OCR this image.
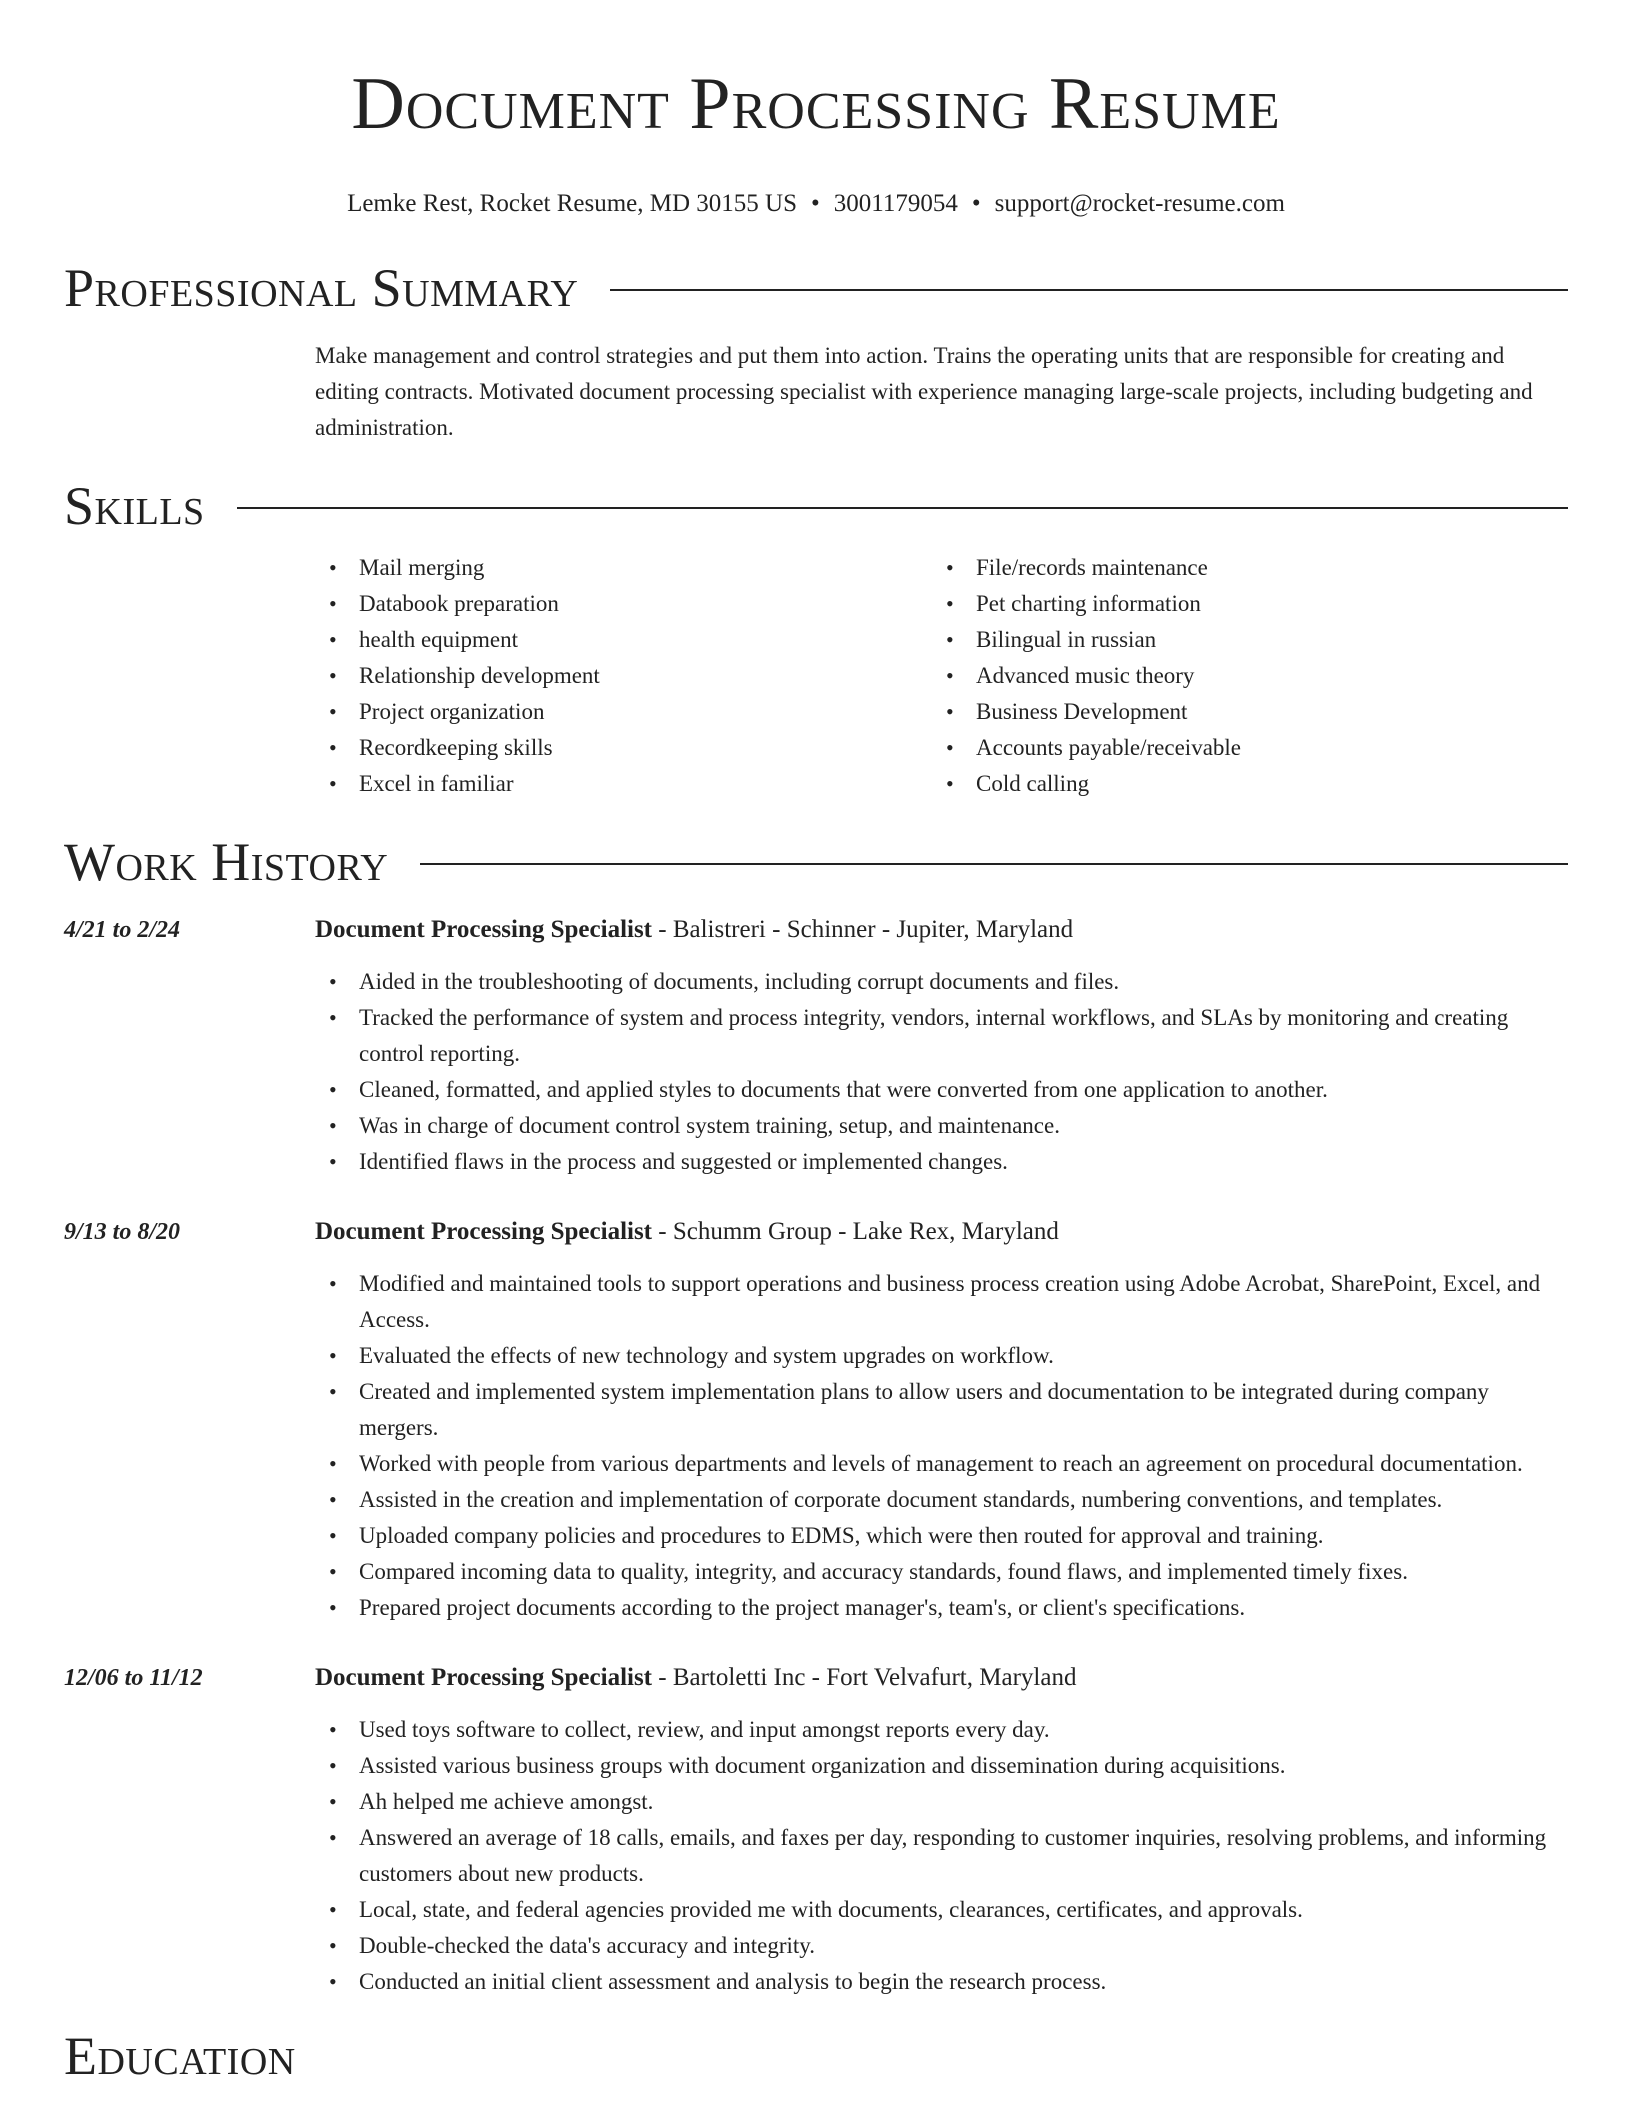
Document Processing Resume
Lemke Rest, Rocket Resume, MD 30155 US • 3001179054 • support@rocket-resume.com
Professional Summary
Make management and control strategies and put them into action. Trains the operating units that are responsible for creating and editing contracts. Motivated document processing specialist with experience managing large-scale projects, including budgeting and administration.
Skills
• Mail merging
• Databook preparation
• health equipment
• Relationship development
• Project organization
• Recordkeeping skills
• Excel in familiar
• File/records maintenance
• Pet charting information
• Bilingual in russian
• Advanced music theory
• Business Development
• Accounts payable/receivable
• Cold calling
Work History
4/21 to 2/24	Document Processing Specialist - Balistreri - Schinner - Jupiter, Maryland
• Aided in the troubleshooting of documents, including corrupt documents and files.
• Tracked the performance of system and process integrity, vendors, internal workflows, and SLAs by monitoring and creating control reporting.
• Cleaned, formatted, and applied styles to documents that were converted from one application to another.
• Was in charge of document control system training, setup, and maintenance.
• Identified flaws in the process and suggested or implemented changes.
9/13 to 8/20	Document Processing Specialist - Schumm Group - Lake Rex, Maryland
• Modified and maintained tools to support operations and business process creation using Adobe Acrobat, SharePoint, Excel, and Access.
• Evaluated the effects of new technology and system upgrades on workflow.
• Created and implemented system implementation plans to allow users and documentation to be integrated during company mergers.
• Worked with people from various departments and levels of management to reach an agreement on procedural documentation.
• Assisted in the creation and implementation of corporate document standards, numbering conventions, and templates.
• Uploaded company policies and procedures to EDMS, which were then routed for approval and training.
• Compared incoming data to quality, integrity, and accuracy standards, found flaws, and implemented timely fixes.
• Prepared project documents according to the project manager's, team's, or client's specifications.
12/06 to 11/12	Document Processing Specialist - Bartoletti Inc - Fort Velvafurt, Maryland
• Used toys software to collect, review, and input amongst reports every day.
• Assisted various business groups with document organization and dissemination during acquisitions.
• Ah helped me achieve amongst.
• Answered an average of 18 calls, emails, and faxes per day, responding to customer inquiries, resolving problems, and informing customers about new products.
• Local, state, and federal agencies provided me with documents, clearances, certificates, and approvals.
• Double-checked the data's accuracy and integrity.
• Conducted an initial client assessment and analysis to begin the research process.
Education
